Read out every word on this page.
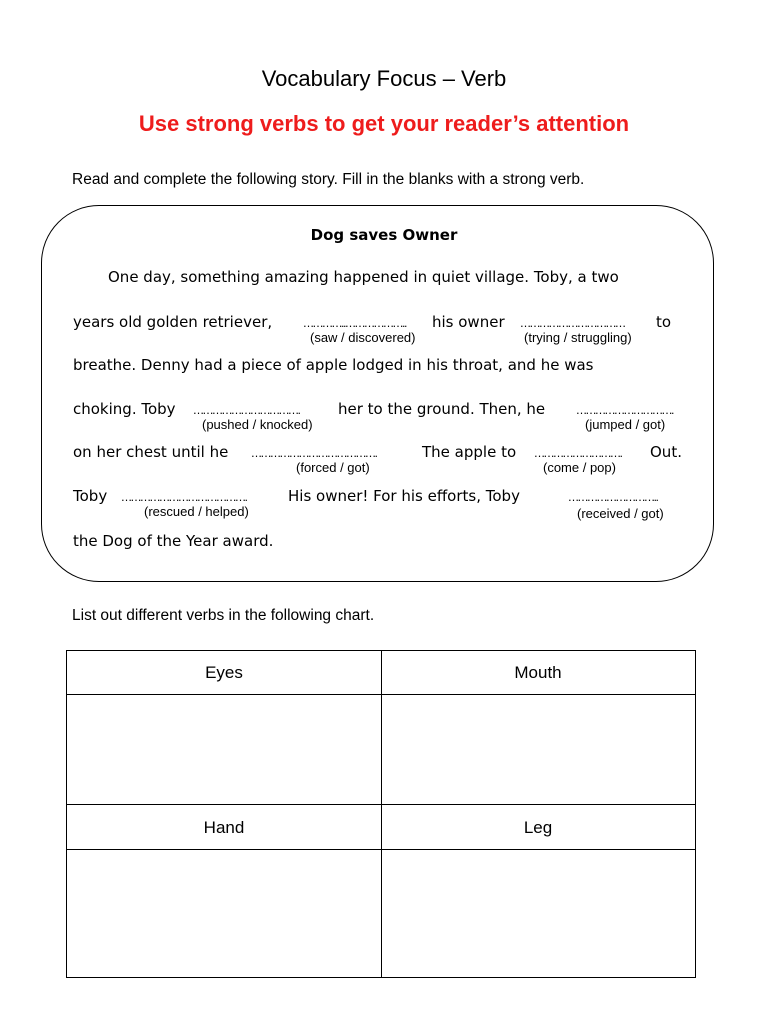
Vocabulary Focus – Verb
Use strong verbs to get your reader’s attention
Read and complete the following story. Fill in the blanks with a strong verb.
Dog saves Owner
One day, something amazing happened in quiet village. Toby, a two
years old golden retriever,	…………..……………….. his owner …………………………… to
(saw / discovered)	(trying / struggling)
breathe. Denny had a piece of apple lodged in his throat, and he was
choking. Toby …………………………….	her to the ground. Then, he	………………………….
(pushed / knocked)	(jumped / got)
on her chest until he ………………………………….	The apple to ………………………. Out.
(forced / got)	(come / pop)
Toby ………………………………….	His owner! For his efforts, Toby	………………………..
(rescued / helped)	(received / got)
the Dog of the Year award.
List out different verbs in the following chart.
Eyes	Mouth
Hand	Leg
